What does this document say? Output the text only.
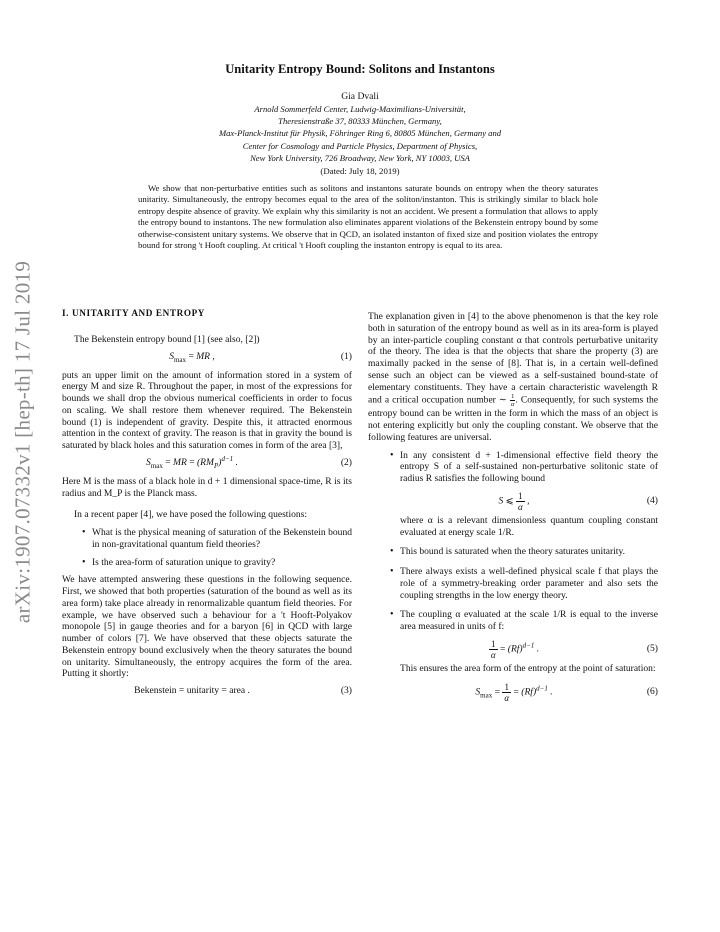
arXiv:1907.07332v1 [hep-th] 17 Jul 2019
Unitarity Entropy Bound: Solitons and Instantons
Gia Dvali
Arnold Sommerfeld Center, Ludwig-Maximilians-Universität,
Theresienstraße 37, 80333 München, Germany,
Max-Planck-Institut für Physik, Föhringer Ring 6, 80805 München, Germany and
Center for Cosmology and Particle Physics, Department of Physics,
New York University, 726 Broadway, New York, NY 10003, USA
(Dated: July 18, 2019)
We show that non-perturbative entities such as solitons and instantons saturate bounds on entropy when the theory saturates unitarity. Simultaneously, the entropy becomes equal to the area of the soliton/instanton. This is strikingly similar to black hole entropy despite absence of gravity. We explain why this similarity is not an accident. We present a formulation that allows to apply the entropy bound to instantons. The new formulation also eliminates apparent violations of the Bekenstein entropy bound by some otherwise-consistent unitary systems. We observe that in QCD, an isolated instanton of fixed size and position violates the entropy bound for strong 't Hooft coupling. At critical 't Hooft coupling the instanton entropy is equal to its area.

I. UNITARITY AND ENTROPY

The Bekenstein entropy bound [1] (see also, [2])

$S_{max}$ = MR ,	(1)

puts an upper limit on the amount of information stored in a system of energy M and size R. Throughout the paper, in most of the expressions for bounds we shall drop the obvious numerical coefficients in order to focus on scaling. We shall restore them whenever required. The Bekenstein bound (1) is independent of gravity. Despite this, it attracted enormous attention in the context of gravity. The reason is that in gravity the bound is saturated by black holes and this saturation comes in form of the area [3],

$S_{max}$ = MR = $(RM_P)^{d-1}$ .	(2)

Here M is the mass of a black hole in d + 1 dimensional space-time, R is its radius and M_P is the Planck mass.

In a recent paper [4], we have posed the following questions:

• What is the physical meaning of saturation of the Bekenstein bound in non-gravitational quantum field theories?
• Is the area-form of saturation unique to gravity?

We have attempted answering these questions in the following sequence. First, we showed that both properties (saturation of the bound as well as its area form) take place already in renormalizable quantum field theories. For example, we have observed such a behaviour for a 't Hooft-Polyakov monopole [5] in gauge theories and for a baryon [6] in QCD with large number of colors [7]. We have observed that these objects saturate the Bekenstein entropy bound exclusively when the theory saturates the bound on unitarity. Simultaneously, the entropy acquires the form of the area. Putting it shortly:

Bekenstein = unitarity = area .	(3)

The explanation given in [4] to the above phenomenon is that the key role both in saturation of the entropy bound as well as in its area-form is played by an inter-particle coupling constant α that controls perturbative unitarity of the theory. The idea is that the objects that share the property (3) are maximally packed in the sense of [8]. That is, in a certain well-defined sense such an object can be viewed as a self-sustained bound-state of elementary constituents. They have a certain characteristic wavelength R and a critical occupation number ∼ $\frac{1}{\alpha}$ . Consequently, for such systems the entropy bound can be written in the form in which the mass of an object is not entering explicitly but only the coupling constant. We observe that the following features are universal.

• In any consistent d + 1-dimensional effective field theory the entropy S of a self-sustained non-perturbative solitonic state of radius R satisfies the following bound
S ⩽ $\frac{1}{\alpha}$ ,	(4)
where α is a relevant dimensionless quantum coupling constant evaluated at energy scale 1/R.
• This bound is saturated when the theory saturates unitarity.
• There always exists a well-defined physical scale f that plays the role of a symmetry-breaking order parameter and also sets the coupling strengths in the low energy theory.
• The coupling α evaluated at the scale 1/R is equal to the inverse area measured in units of f:
$\frac{1}{\alpha} = (Rf)^{d-1}$ .	(5)
This ensures the area form of the entropy at the point of saturation:
$S_{max} = \frac{1}{\alpha} = (Rf)^{d-1}$ .	(6)
